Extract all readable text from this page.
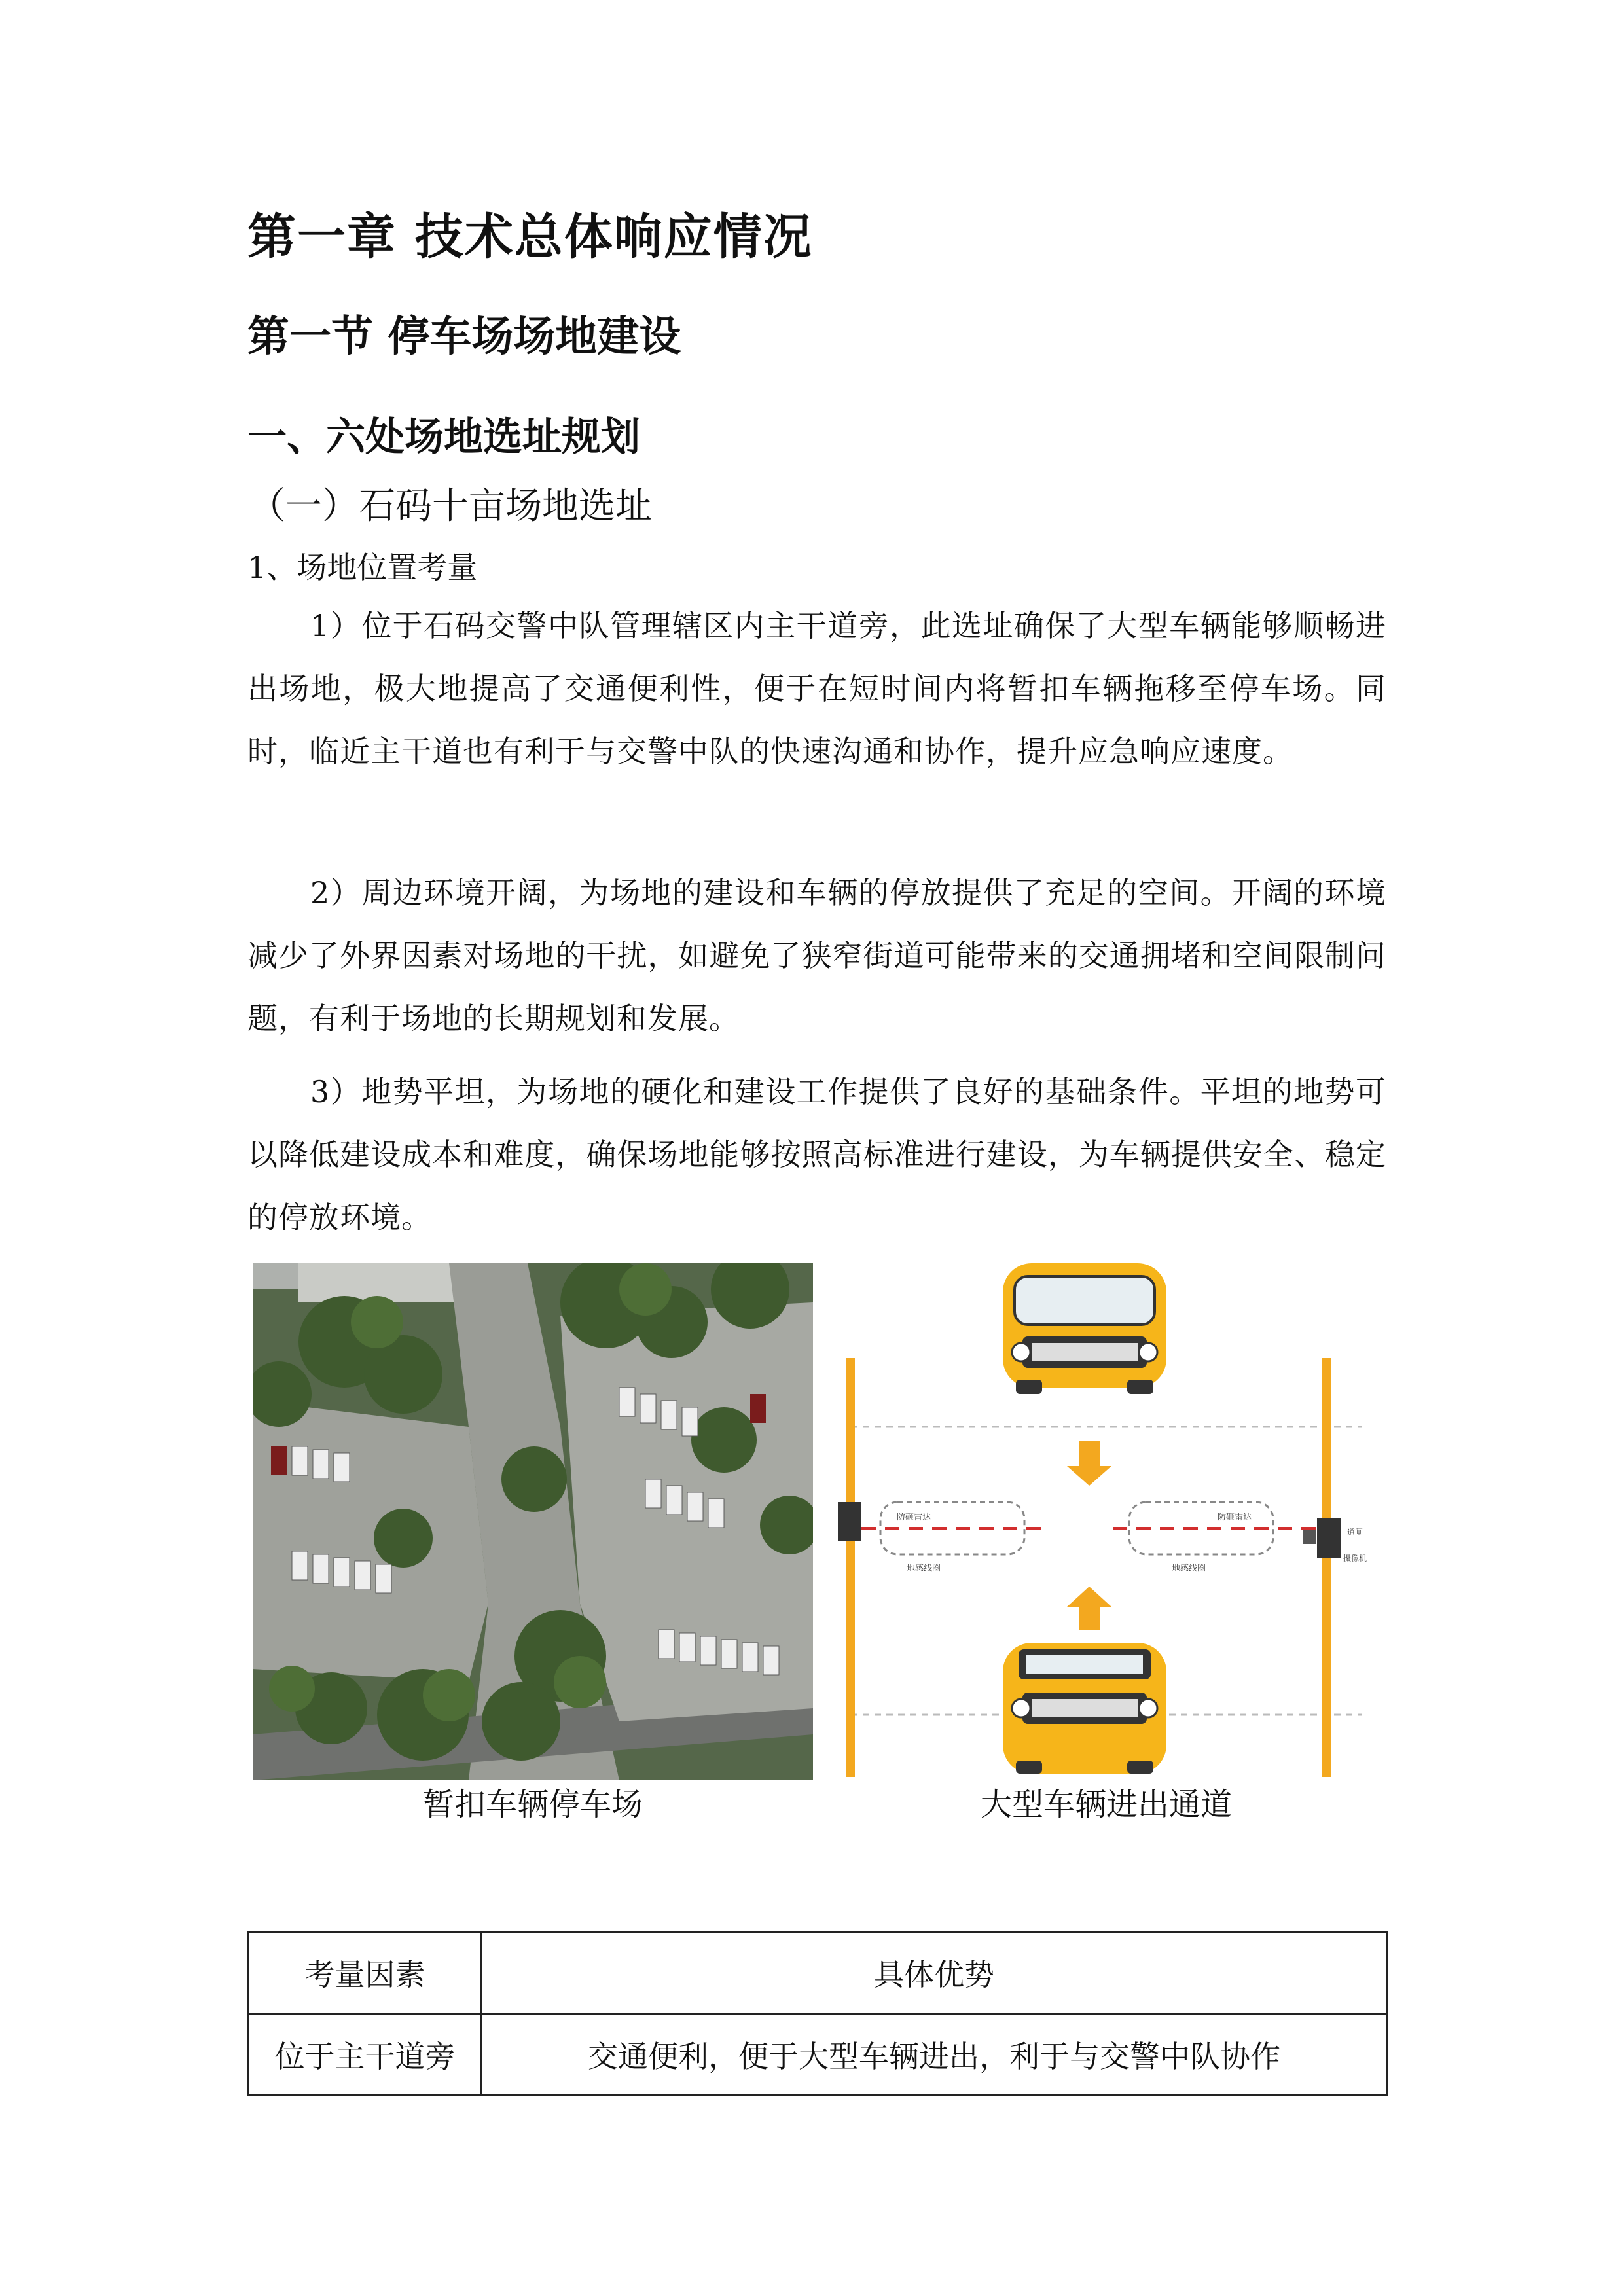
第一章 技术总体响应情况
第一节 停车场场地建设
一、六处场地选址规划
（一）石码十亩场地选址
1、场地位置考量

1）位于石码交警中队管理辖区内主干道旁，此选址确保了大型车辆能够顺畅进出场地，极大地提高了交通便利性，便于在短时间内将暂扣车辆拖移至停车场。同时，临近主干道也有利于与交警中队的快速沟通和协作，提升应急响应速度。

2）周边环境开阔，为场地的建设和车辆的停放提供了充足的空间。开阔的环境减少了外界因素对场地的干扰，如避免了狭窄街道可能带来的交通拥堵和空间限制问题，有利于场地的长期规划和发展。

3）地势平坦，为场地的硬化和建设工作提供了良好的基础条件。平坦的地势可以降低建设成本和难度，确保场地能够按照高标准进行建设，为车辆提供安全、稳定的停放环境。

防砸雷达	防砸雷达
地感线圈	地感线圈
道闸
摄像机
暂扣车辆停车场	大型车辆进出通道
考量因素	具体优势
位于主干道旁	交通便利，便于大型车辆进出，利于与交警中队协作
